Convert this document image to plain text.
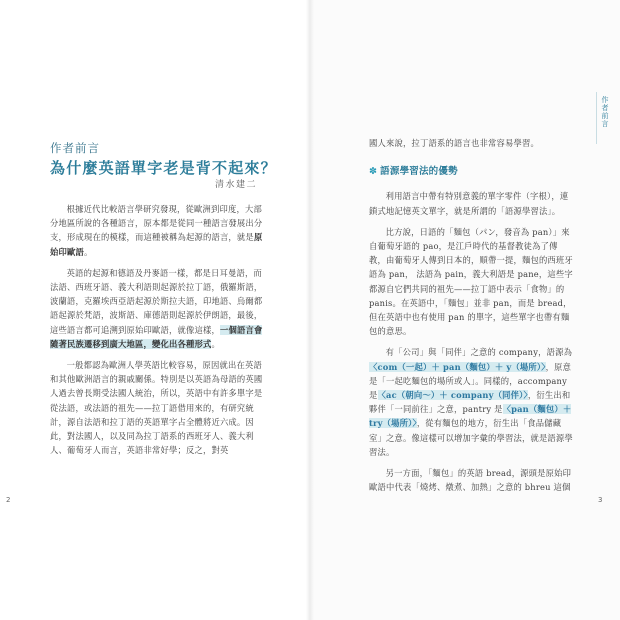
作者前言
為什麼英語單字老是背不起來？
清水建二

根據近代比較語言學研究發現，從歐洲到印度，大部分地區所說的各種語言，原本都是從同一種語言發展出分支，形成現在的模樣，而這種被稱為起源的語言，就是原始印歐語。

英語的起源和德語及丹麥語一樣，都是日耳曼語，而法語、西班牙語、義大利語則起源於拉丁語，俄羅斯語，波蘭語，克羅埃西亞語起源於斯拉夫語，印地語、烏爾都語起源於梵語，波斯語、庫德語則起源於伊朗語，最後，這些語言都可追溯到原始印歐語，就像這樣，一個語言會隨著民族遷移到廣大地區，變化出各種形式。

一般都認為歐洲人學英語比較容易，原因就出在英語和其他歐洲語言的親戚關係。特別是以英語為母語的英國人過去曾長期受法國人統治，所以，英語中有許多單字是從法語，或法語的祖先——拉丁語借用來的，有研究統計，源自法語和拉丁語的英語單字占全體將近六成。因此，對法國人，以及同為拉丁語系的西班牙人、義大利人、葡萄牙人而言，英語非常好學；反之，對英

國人來說，拉丁語系的語言也非常容易學習。

✽ 語源學習法的優勢

利用語言中帶有特別意義的單字零件（字根），連鎖式地記憶英文單字，就是所謂的「語源學習法」。

比方說，日語的「麵包（パン，發音為 pan）」來自葡萄牙語的 pao，是江戶時代的基督教徒為了傳教，由葡萄牙人傳到日本的，順帶一提，麵包的西班牙語為 pan， 法語為 pain，義大利語是 pane，這些字都源自它們共同的祖先——拉丁語中表示「食物」的 panis。在英語中，「麵包」並非 pan，而是 bread，但在英語中也有使用 pan 的單字，這些單字也帶有麵包的意思。

有「公司」與「同伴」之意的 company，語源為〈com（一起）＋ pan（麵包）＋ y（場所）〉，原意是「一起吃麵包的場所或人」。同樣的，accompany 是〈ac（朝向～）＋ company（同伴）〉，衍生出和夥伴「一同前往」之意，pantry 是〈pan（麵包）＋ try（場所）〉，從有麵包的地方，衍生出「食品儲藏室」之意。像這樣可以增加字彙的學習法，就是語源學習法。

另一方面，「麵包」的英語 bread，源頭是原始印歐語中代表「燒烤、燉煮、加熱」之意的 bhreu 這個

作者前言
2	3
